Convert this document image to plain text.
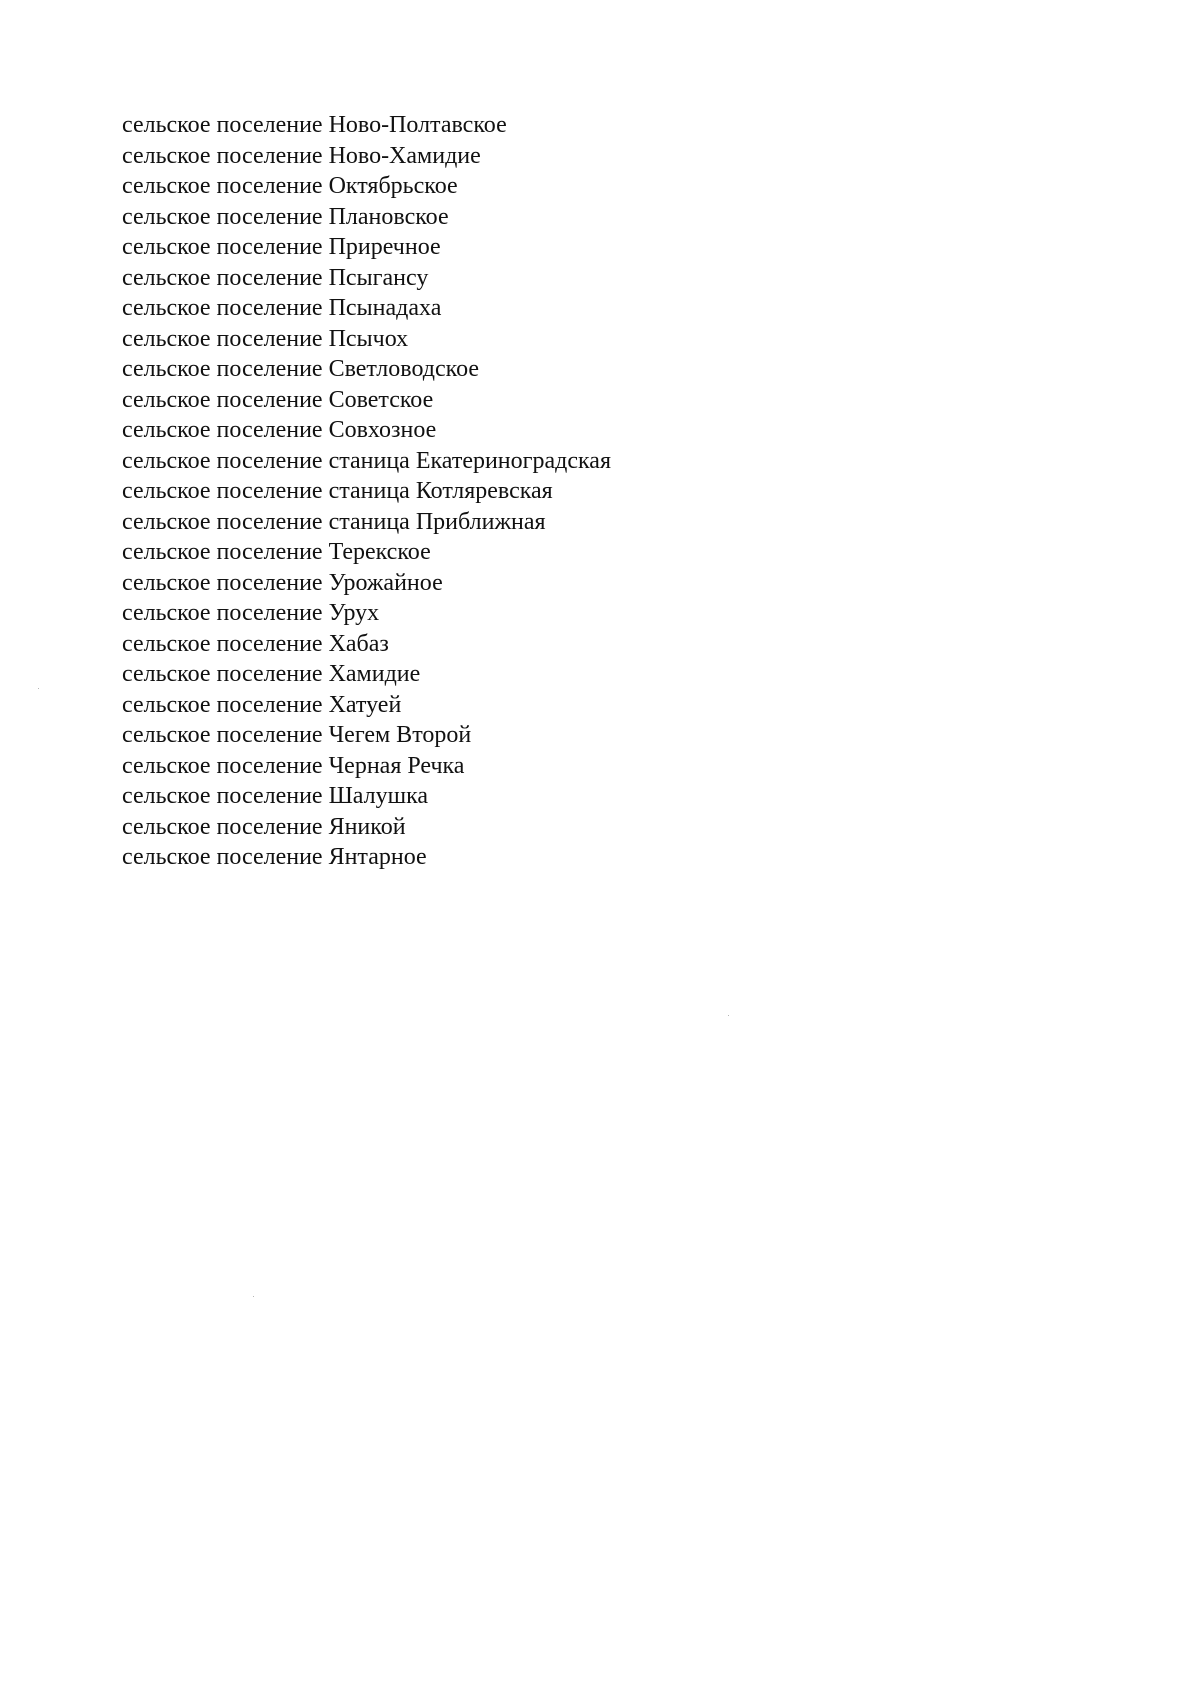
сельское поселение Ново-Полтавское
сельское поселение Ново-Хамидие
сельское поселение Октябрьское
сельское поселение Плановское
сельское поселение Приречное
сельское поселение Псыгансу
сельское поселение Псынадаха
сельское поселение Псычох
сельское поселение Светловодское
сельское поселение Советское
сельское поселение Совхозное
сельское поселение станица Екатериноградская
сельское поселение станица Котляревская
сельское поселение станица Приближная
сельское поселение Терекское
сельское поселение Урожайное
сельское поселение Урух
сельское поселение Хабаз
сельское поселение Хамидие
сельское поселение Хатуей
сельское поселение Чегем Второй
сельское поселение Черная Речка
сельское поселение Шалушка
сельское поселение Яникой
сельское поселение Янтарное
